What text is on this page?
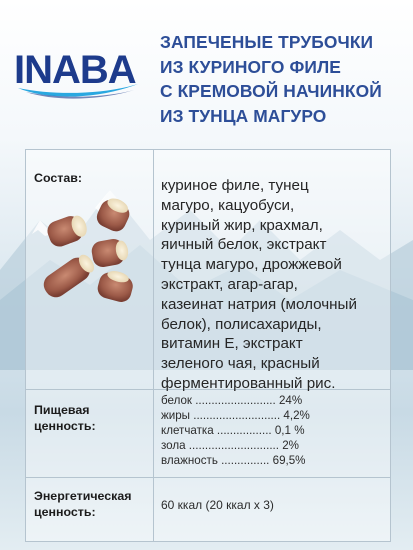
INABA
ЗАПЕЧЕНЫЕ ТРУБОЧКИ
ИЗ КУРИНОГО ФИЛЕ
С КРЕМОВОЙ НАЧИНКОЙ
ИЗ ТУНЦА МАГУРО
Состав:	куриное филе, тунец
магуро, кацуобуси,
куриный жир, крахмал,
яичный белок, экстракт
тунца магуро, дрожжевой
экстракт, агар-агар,
казеинат натрия (молочный
белок), полисахариды,
витамин Е, экстракт
зеленого чая, красный
ферментированный рис.
Пищевая
ценность:
белок ......................... 24%
жиры ........................... 4,2%
клетчатка ................. 0,1 %
зола ............................ 2%
влажность ............... 69,5%
Энергетическая
ценность:	60 ккал (20 ккал х 3)
